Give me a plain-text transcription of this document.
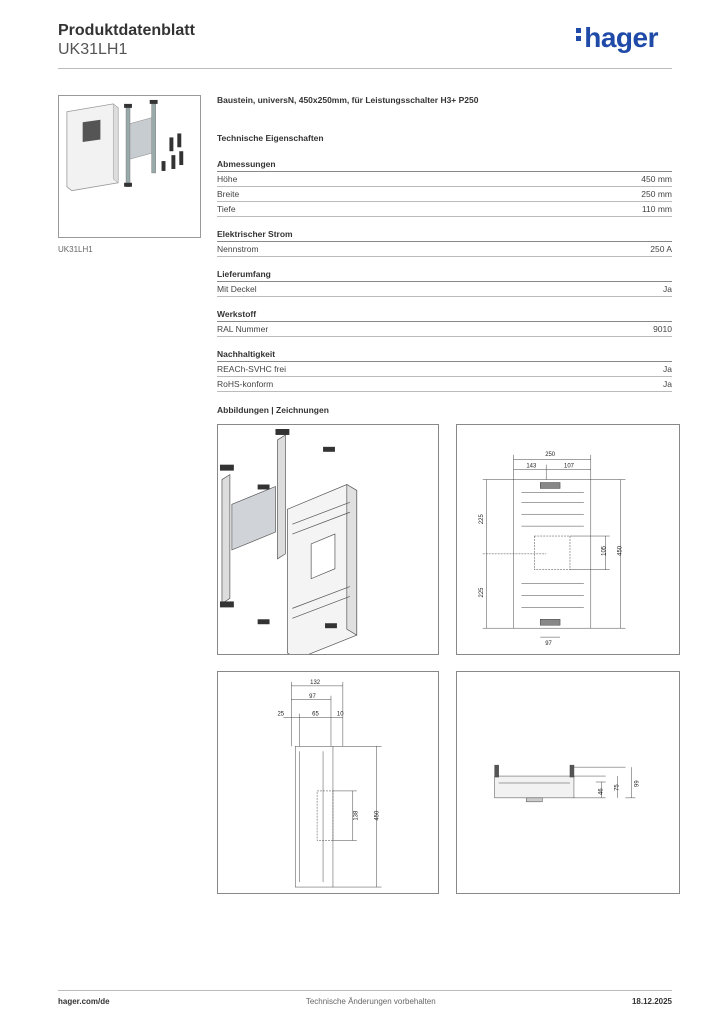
Produktdatenblatt
UK31LH1	hager
UK31LH1
Baustein, universN, 450x250mm, für Leistungsschalter H3+ P250
Technische Eigenschaften
Abmessungen
Höhe	450 mm
Breite	250 mm
Tiefe	110 mm
Elektrischer Strom
Nennstrom	250 A
Lieferumfang
Mit Deckel	Ja
Werkstoff
RAL Nummer	9010
Nachhaltigkeit
REACh-SVHC frei	Ja
RoHS-konform	Ja
Abbildungen | Zeichnungen
250
143	107
225
225
105 450
97
132
97
25	65	10
138 450
46
75
99
hager.com/de	Technische Änderungen vorbehalten	18.12.2025
